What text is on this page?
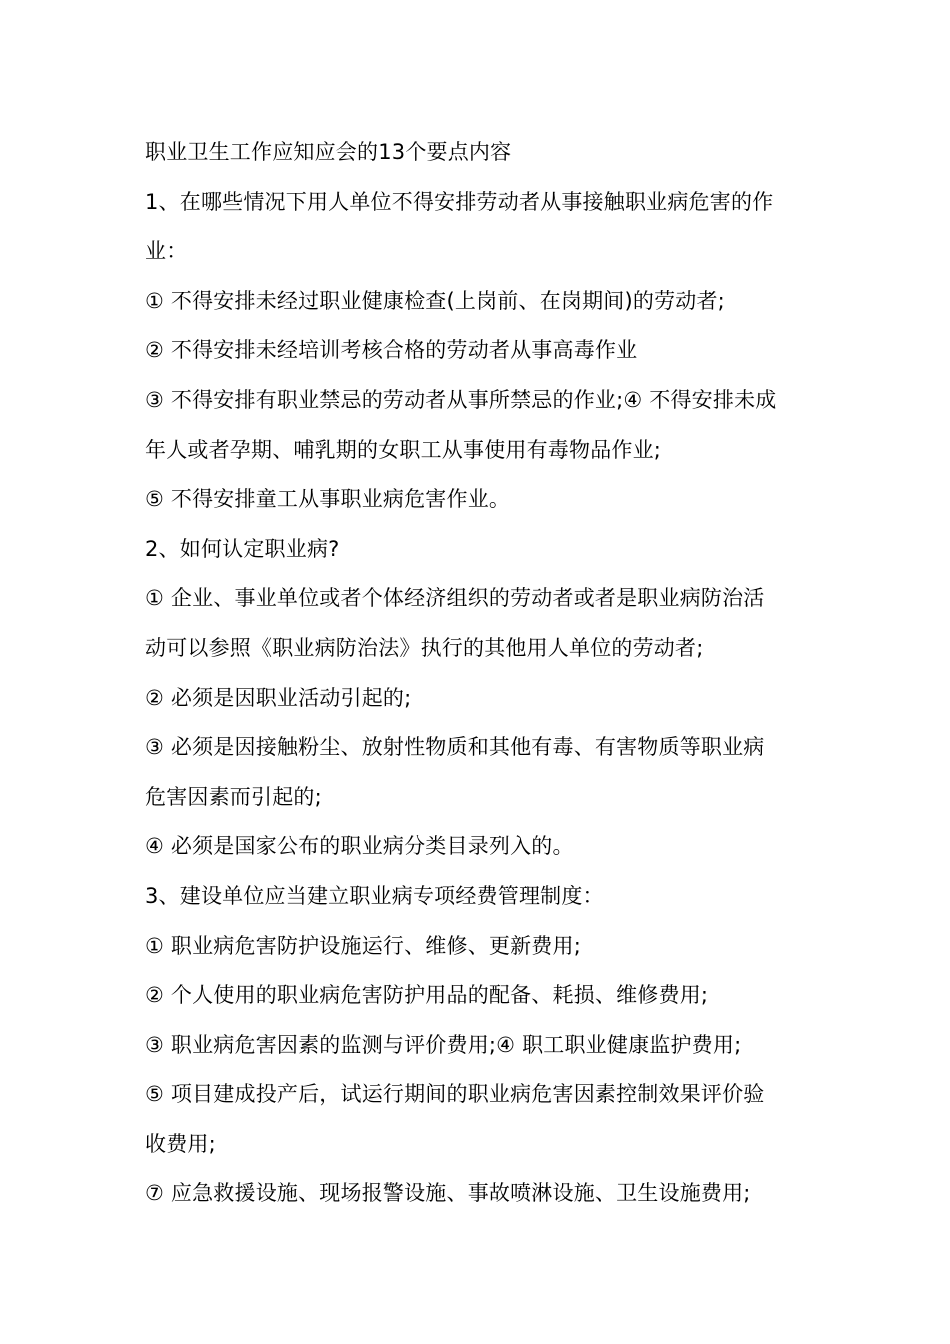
职业卫生工作应知应会的13个要点内容
1、在哪些情况下用人单位不得安排劳动者从事接触职业病危害的作
业：
① 不得安排未经过职业健康检查(上岗前、在岗期间)的劳动者;
② 不得安排未经培训考核合格的劳动者从事高毒作业
③ 不得安排有职业禁忌的劳动者从事所禁忌的作业;④ 不得安排未成
年人或者孕期、哺乳期的女职工从事使用有毒物品作业;
⑤ 不得安排童工从事职业病危害作业。
2、如何认定职业病?
① 企业、事业单位或者个体经济组织的劳动者或者是职业病防治活
动可以参照《职业病防治法》执行的其他用人单位的劳动者;
② 必须是因职业活动引起的;
③ 必须是因接触粉尘、放射性物质和其他有毒、有害物质等职业病
危害因素而引起的;
④ 必须是国家公布的职业病分类目录列入的。
3、建设单位应当建立职业病专项经费管理制度：
① 职业病危害防护设施运行、维修、更新费用;
② 个人使用的职业病危害防护用品的配备、耗损、维修费用;
③ 职业病危害因素的监测与评价费用;④ 职工职业健康监护费用;
⑤ 项目建成投产后，试运行期间的职业病危害因素控制效果评价验
收费用;
⑦ 应急救援设施、现场报警设施、事故喷淋设施、卫生设施费用;
